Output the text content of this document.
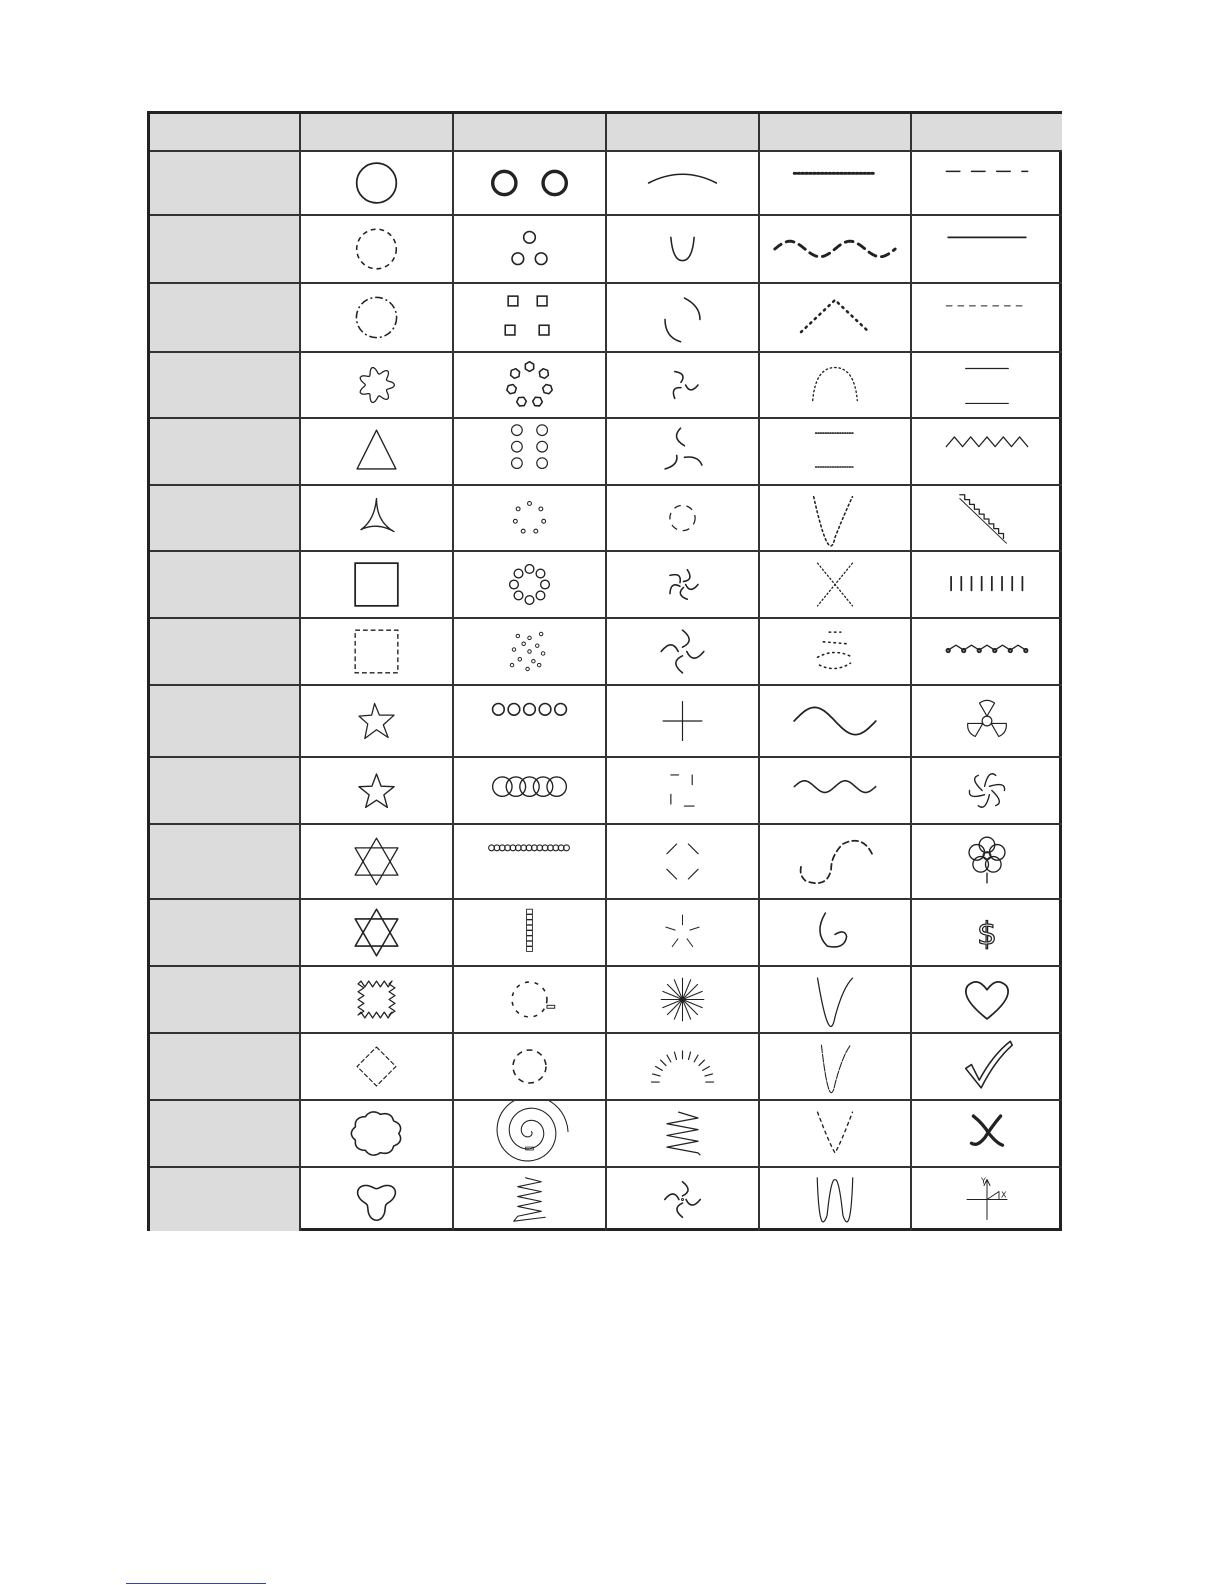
$
Y
X
